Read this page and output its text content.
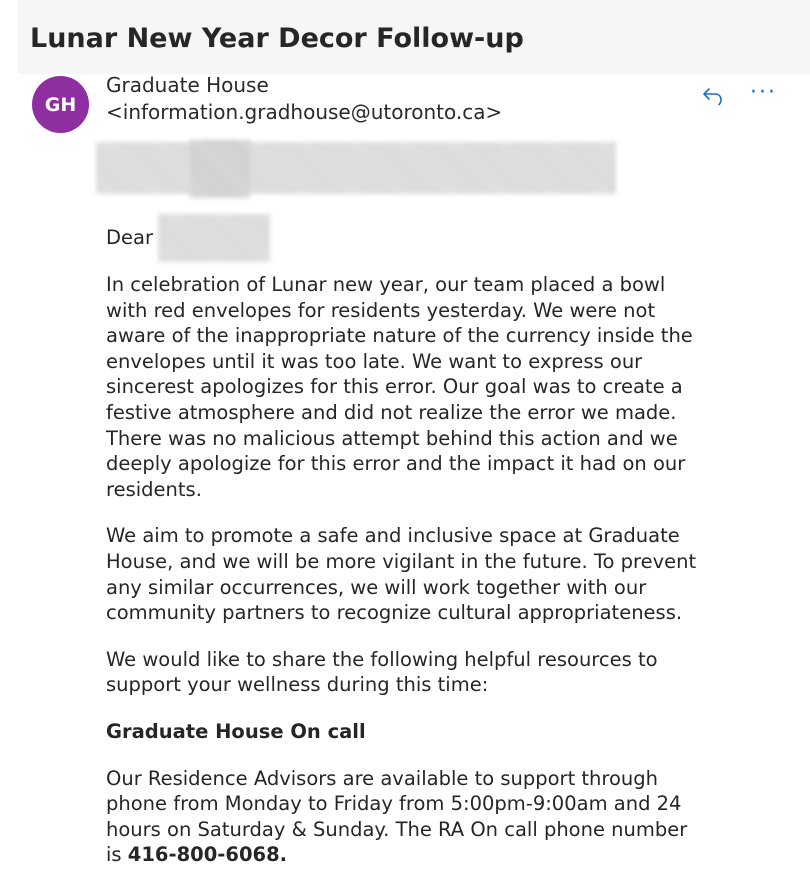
Lunar New Year Decor Follow-up
GH
Graduate House
<information.gradhouse@utoronto.ca>
···

Dear

In celebration of Lunar new year, our team placed a bowl

with red envelopes for residents yesterday. We were not

aware of the inappropriate nature of the currency inside the

envelopes until it was too late. We want to express our

sincerest apologizes for this error. Our goal was to create a

festive atmosphere and did not realize the error we made.

There was no malicious attempt behind this action and we

deeply apologize for this error and the impact it had on our

residents.

We aim to promote a safe and inclusive space at Graduate

House, and we will be more vigilant in the future. To prevent

any similar occurrences, we will work together with our

community partners to recognize cultural appropriateness.

We would like to share the following helpful resources to

support your wellness during this time:

Graduate House On call

Our Residence Advisors are available to support through

phone from Monday to Friday from 5:00pm-9:00am and 24

hours on Saturday & Sunday. The RA On call phone number

is 416-800-6068.
